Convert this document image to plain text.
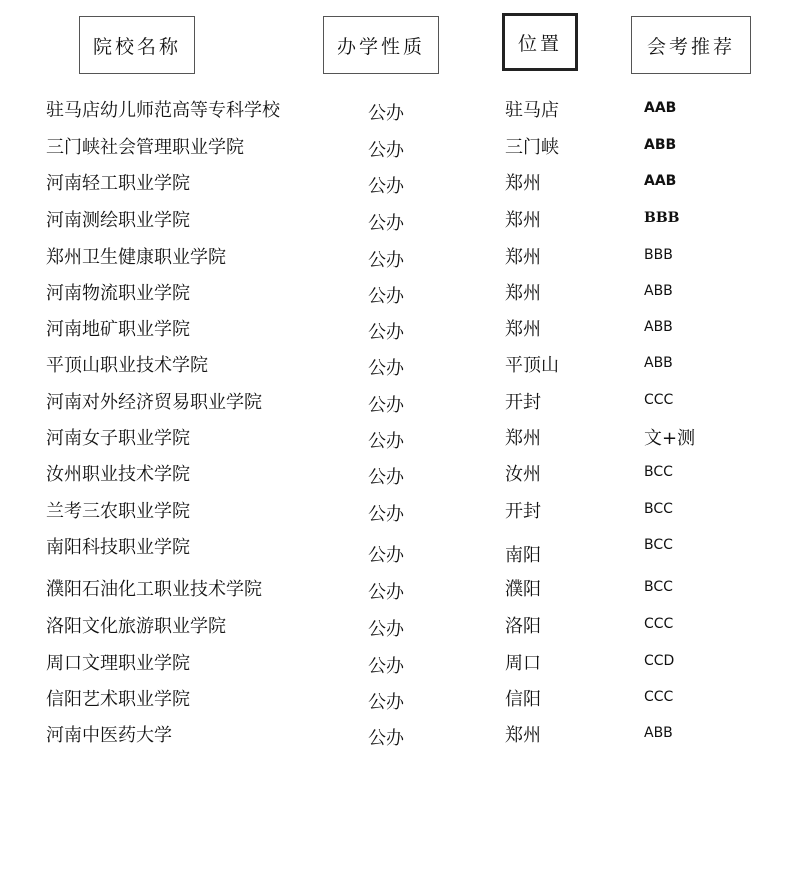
院校名称	办学性质	位置	会考推荐
驻马店幼儿师范高等专科学校	公办	驻马店	AAB
三门峡社会管理职业学院	公办	三门峡	ABB
河南轻工职业学院	公办	郑州	AAB
河南测绘职业学院	公办	郑州	BBB
郑州卫生健康职业学院	公办	郑州	BBB
河南物流职业学院	公办	郑州	ABB
河南地矿职业学院	公办	郑州	ABB
平顶山职业技术学院	公办	平顶山	ABB
河南对外经济贸易职业学院	公办	开封	CCC
河南女子职业学院	公办	郑州	文+测
汝州职业技术学院	公办	汝州	BCC
兰考三农职业学院	公办	开封	BCC
南阳科技职业学院	公办	南阳	BCC
濮阳石油化工职业技术学院	公办	濮阳	BCC
洛阳文化旅游职业学院	公办	洛阳	CCC
周口文理职业学院	公办	周口	CCD
信阳艺术职业学院	公办	信阳	CCC
河南中医药大学	公办	郑州	ABB
